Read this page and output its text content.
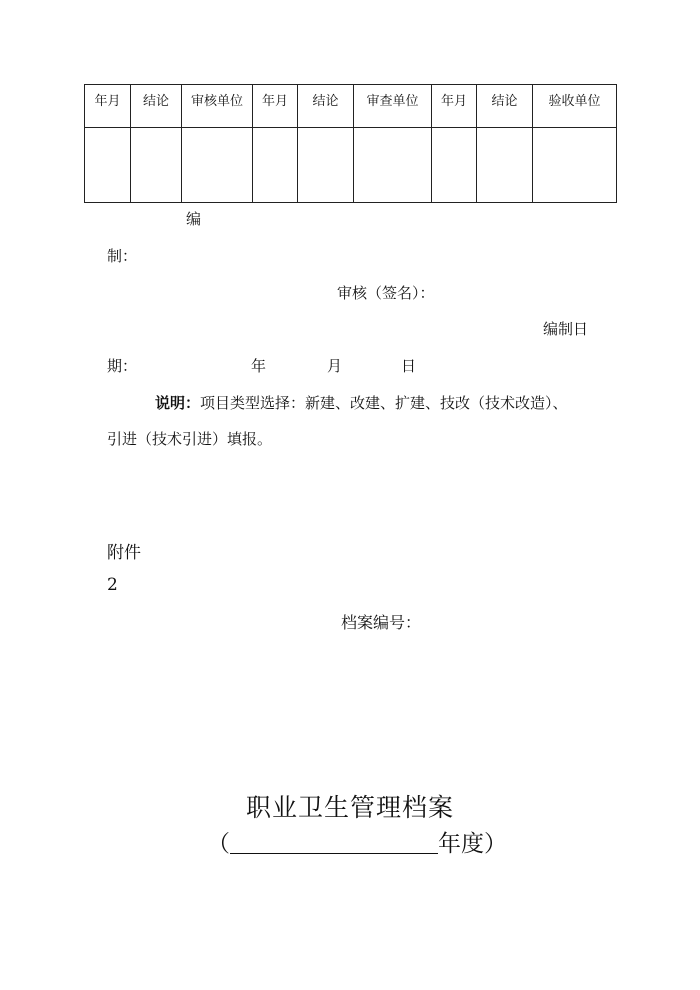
年月	结论	审核单位	年月	结论	审查单位	年月	结论	验收单位

编
制：
审核（签名）：
编制日
期：	年	月	日
说明：项目类型选择：新建、改建、扩建、技改（技术改造）、
引进（技术引进）填报。
附件
2
档案编号：
职业卫生管理档案
（	年度）
